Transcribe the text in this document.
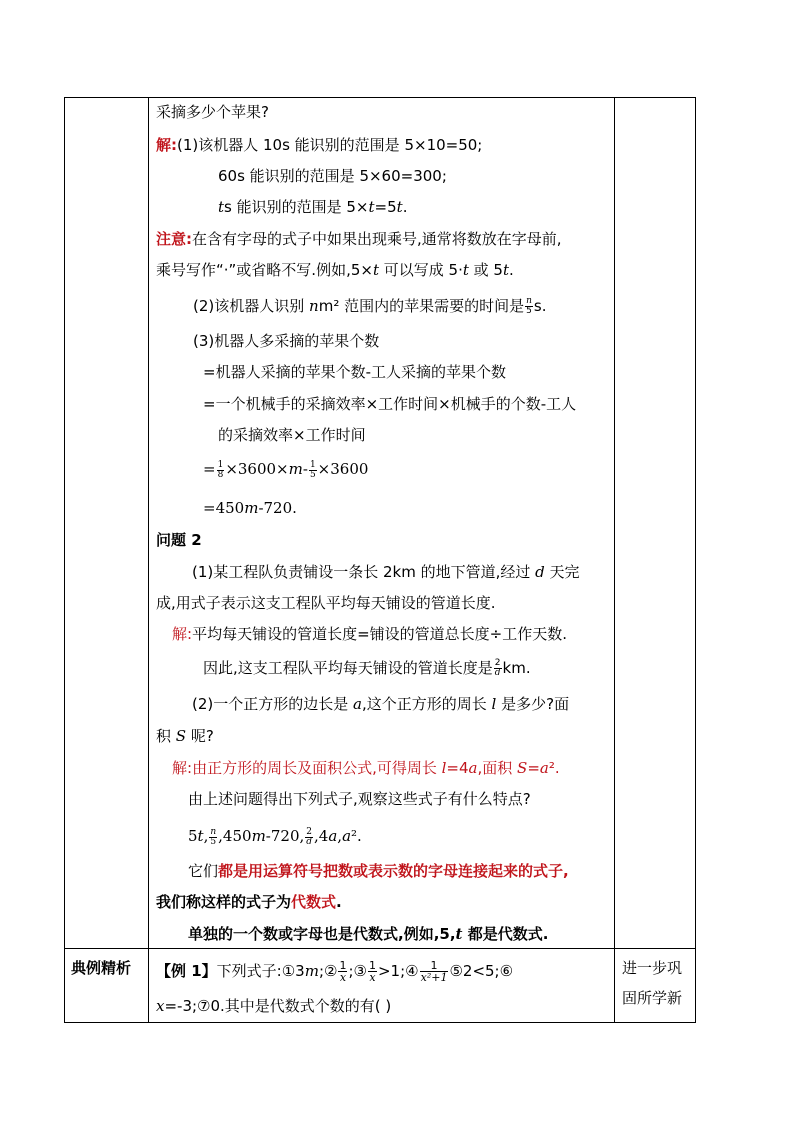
采摘多少个苹果?
解:(1)该机器人 10s 能识别的范围是 5×10=50;
60s 能识别的范围是 5×60=300;
ts 能识别的范围是 5×t=5t.
注意:在含有字母的式子中如果出现乘号,通常将数放在字母前,
乘号写作“·”或省略不写.例如,5×t 可以写成 5·t 或 5t.
(2)该机器人识别 nm² 范围内的苹果需要的时间是 $\frac{n}{5} s$.
(3)机器人多采摘的苹果个数
=机器人采摘的苹果个数-工人采摘的苹果个数
=一个机械手的采摘效率×工作时间×机械手的个数-工人
的采摘效率×工作时间
= $\frac{1}{8} \times 3600\times m- \frac{1}{5} \times 3600$
=450m-720.
问题 2
(1)某工程队负责铺设一条长 2km 的地下管道,经过 d 天完
成,用式子表示这支工程队平均每天铺设的管道长度.
解:平均每天铺设的管道长度=铺设的管道总长度÷工作天数.
因此,这支工程队平均每天铺设的管道长度是 $\frac{2}{d}$ km.
(2)一个正方形的边长是 a,这个正方形的周长 l 是多少?面
积 S 呢?
解:由正方形的周长及面积公式,可得周长 l=4a,面积 S=a².
由上述问题得出下列式子,观察这些式子有什么特点?
5t, $\frac{n}{5} ,450m-720$, $\frac{2}{d} ,4a,a^2$.
它们都是用运算符号把数或表示数的字母连接起来的式子,
我们称这样的式子为代数式.
单独的一个数或字母也是代数式,例如,5,t 都是代数式.
典例精析 【例 1】下列式子:①3m;② $\frac{1}{x}$ ;③ $\frac{1}{x}$ >1;④ $\frac{1}{\text{x²+1}}$ ⑤2<5;⑥
x=-3;⑦0.其中是代数式个数的有( )
进一步巩
固所学新
